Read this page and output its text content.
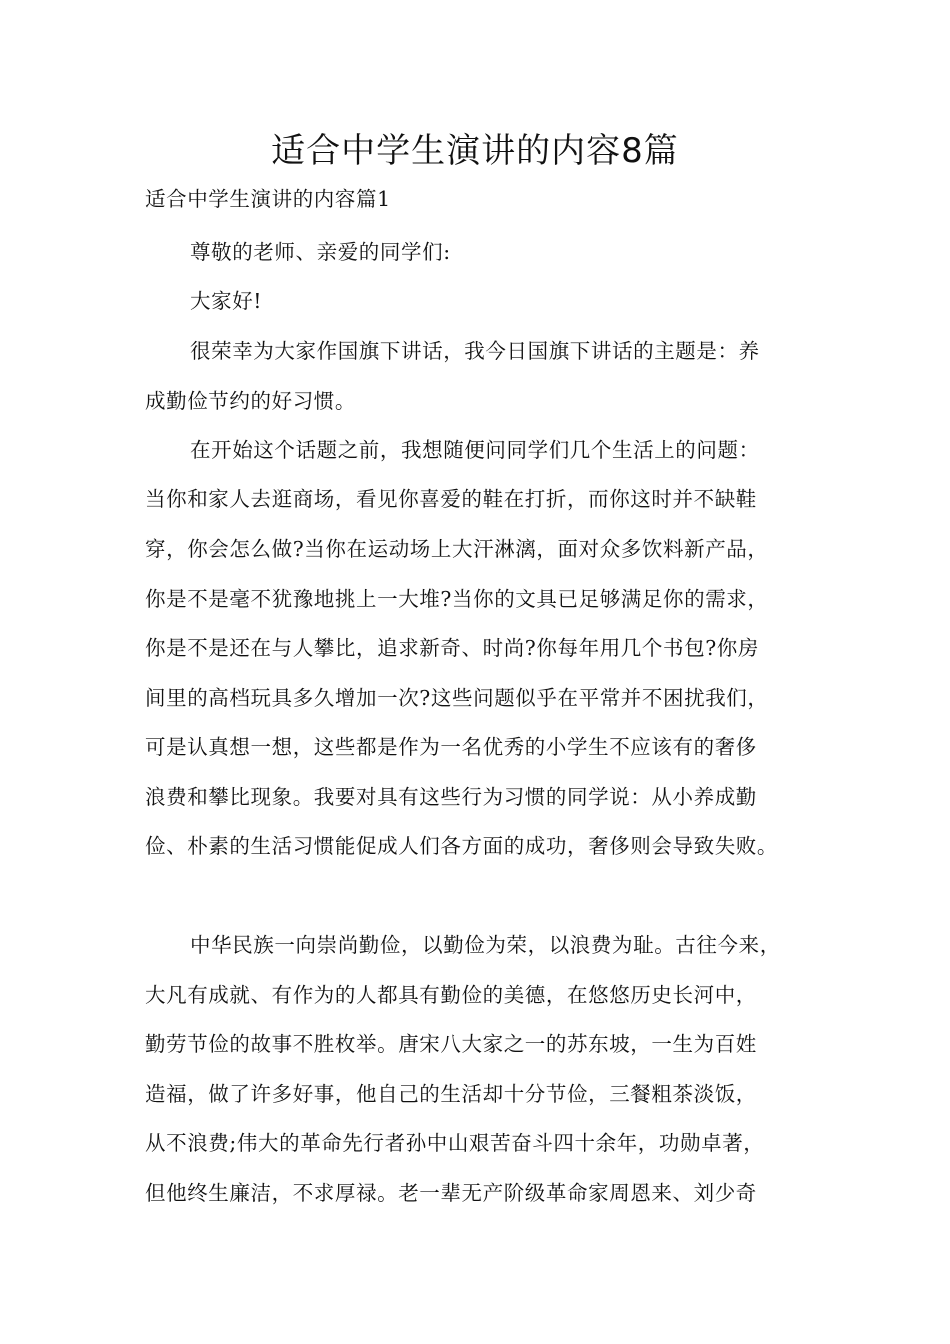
适合中学生演讲的内容8篇
适合中学生演讲的内容篇1
尊敬的老师、亲爱的同学们:
大家好!
很荣幸为大家作国旗下讲话，我今日国旗下讲话的主题是：养
成勤俭节约的好习惯。
在开始这个话题之前，我想随便问同学们几个生活上的问题：
当你和家人去逛商场，看见你喜爱的鞋在打折，而你这时并不缺鞋
穿，你会怎么做?当你在运动场上大汗淋漓，面对众多饮料新产品，
你是不是毫不犹豫地挑上一大堆?当你的文具已足够满足你的需求，
你是不是还在与人攀比，追求新奇、时尚?你每年用几个书包?你房
间里的高档玩具多久增加一次?这些问题似乎在平常并不困扰我们，
可是认真想一想，这些都是作为一名优秀的小学生不应该有的奢侈
浪费和攀比现象。我要对具有这些行为习惯的同学说：从小养成勤
俭、朴素的生活习惯能促成人们各方面的成功，奢侈则会导致失败。
中华民族一向崇尚勤俭，以勤俭为荣，以浪费为耻。古往今来，
大凡有成就、有作为的人都具有勤俭的美德，在悠悠历史长河中，
勤劳节俭的故事不胜枚举。唐宋八大家之一的苏东坡，一生为百姓
造福，做了许多好事，他自己的生活却十分节俭，三餐粗茶淡饭，
从不浪费;伟大的革命先行者孙中山艰苦奋斗四十余年，功勋卓著，
但他终生廉洁，不求厚禄。老一辈无产阶级革命家周恩来、刘少奇
